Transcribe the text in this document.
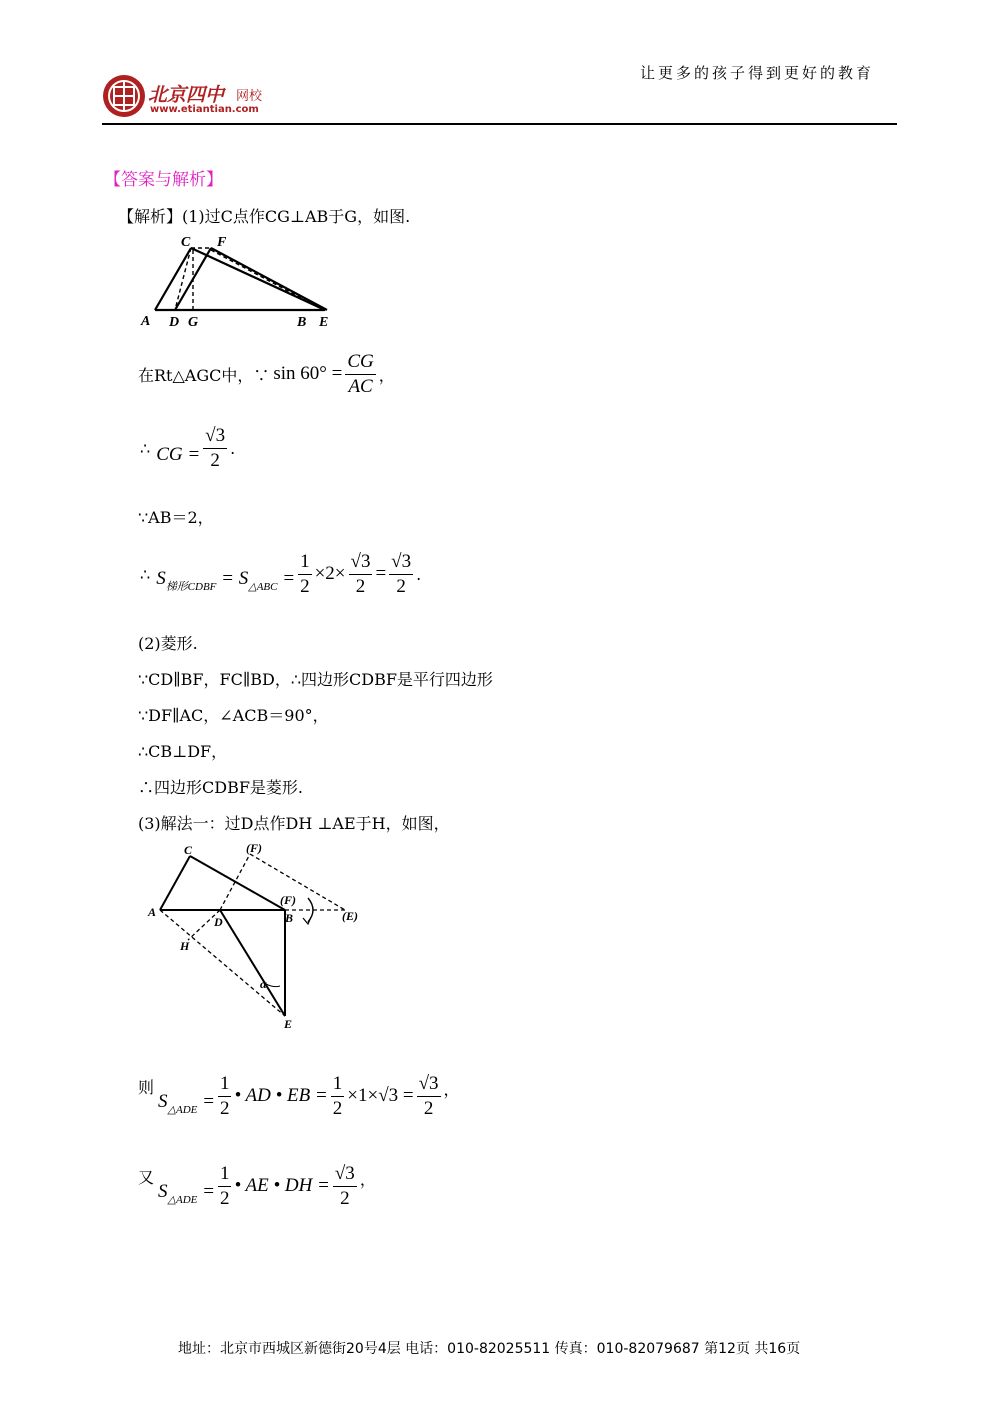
让更多的孩子得到更好的教育
北京四中 网校
www.etiantian.com
【答案与解析】
【解析】(1)过C点作CG⊥AB于G，如图.
C F
A D G	B E
在Rt△AGC中，∵ $\sin 60^\circ = \frac{CG}{AC}$ ，
∴ CG = $\frac{√3}{2}$ .
∵AB＝2，
∴ $S_{梯形CDBF} = S_{\triangle ABC} = \frac{1}{2} \times 2\times \frac{√3}{2} = \frac{√3}{2}$ .
(2)菱形.
∵CD∥BF，FC∥BD，∴四边形CDBF是平行四边形
∵DF∥AC，∠ACB＝90°，
∴CB⊥DF，
∴四边形CDBF是菱形.
(3)解法一：过D点作DH ⊥AE于H，如图，
C	(F)
(F)
A
D	B	(E)
H
α
E
则
$S_{\triangle ADE} = \frac{1}{2}$ • AD • EB = $\frac{1}{2} \times 1\times√3 = \frac{√3}{2}$ ，
又
$S_{\triangle ADE} = \frac{1}{2}$ • AE • DH = $\frac{√3}{2}$ ，
地址：北京市西城区新德街20号4层 电话：010-82025511 传真：010-82079687 第12页 共16页
